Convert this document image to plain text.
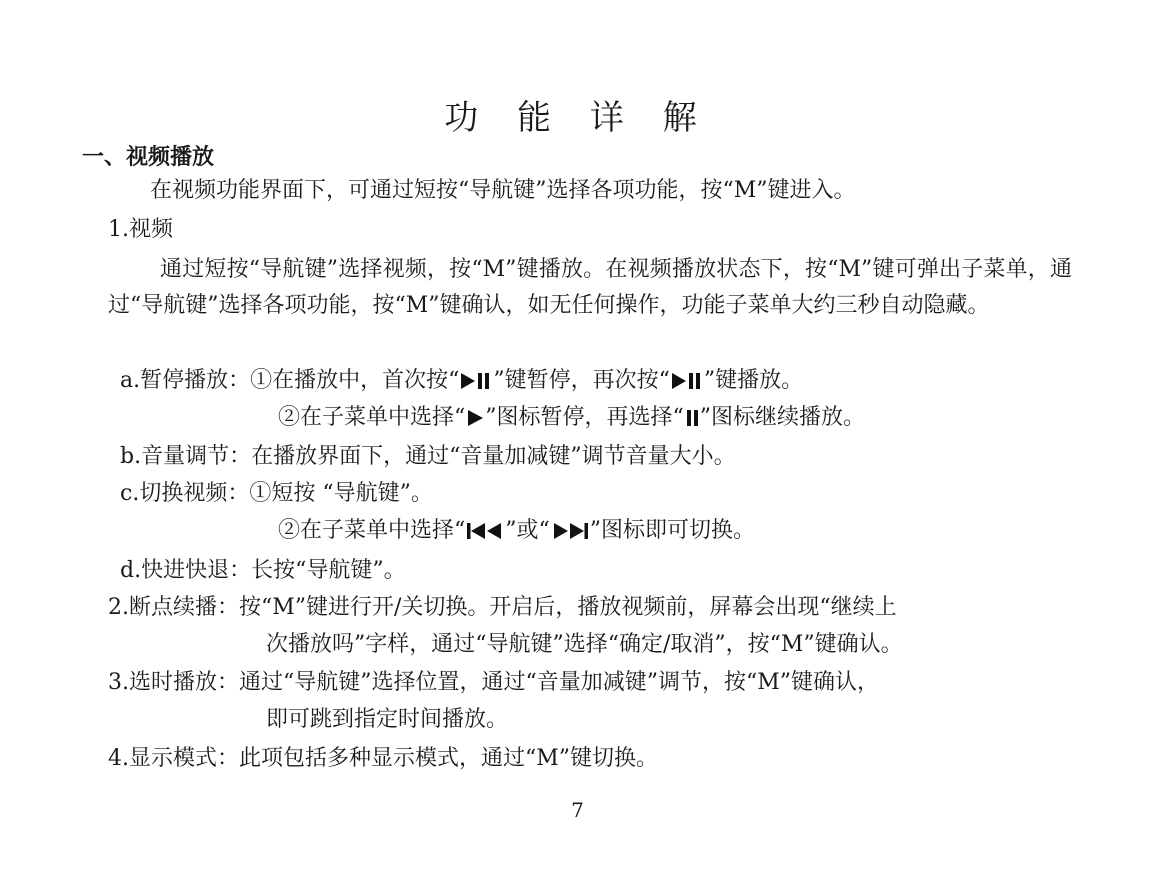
功 能 详 解
一、视频播放
在视频功能界面下，可通过短按“导航键”选择各项功能，按“M”键进入。
1.视频
通过短按“导航键”选择视频，按“M”键播放。在视频播放状态下，按“M”键可弹出子菜单，通过“导航键”选择各项功能，按“M”键确认，如无任何操作，功能子菜单大约三秒自动隐藏。
a.暂停播放：①在播放中，首次按“ ”键暂停，再次按“ ”键播放。
②在子菜单中选择“ ”图标暂停，再选择“ ”图标继续播放。
b.音量调节：在播放界面下，通过“音量加减键”调节音量大小。
c.切换视频：①短按 “导航键”。
②在子菜单中选择“ ”或“ ”图标即可切换。
d.快进快退：长按“导航键”。
2.断点续播：按“M”键进行开/关切换。开启后，播放视频前，屏幕会出现“继续上
次播放吗”字样，通过“导航键”选择“确定/取消”，按“M”键确认。
3.选时播放：通过“导航键”选择位置，通过“音量加减键”调节，按“M”键确认，
即可跳到指定时间播放。
4.显示模式：此项包括多种显示模式，通过“M”键切换。
7
